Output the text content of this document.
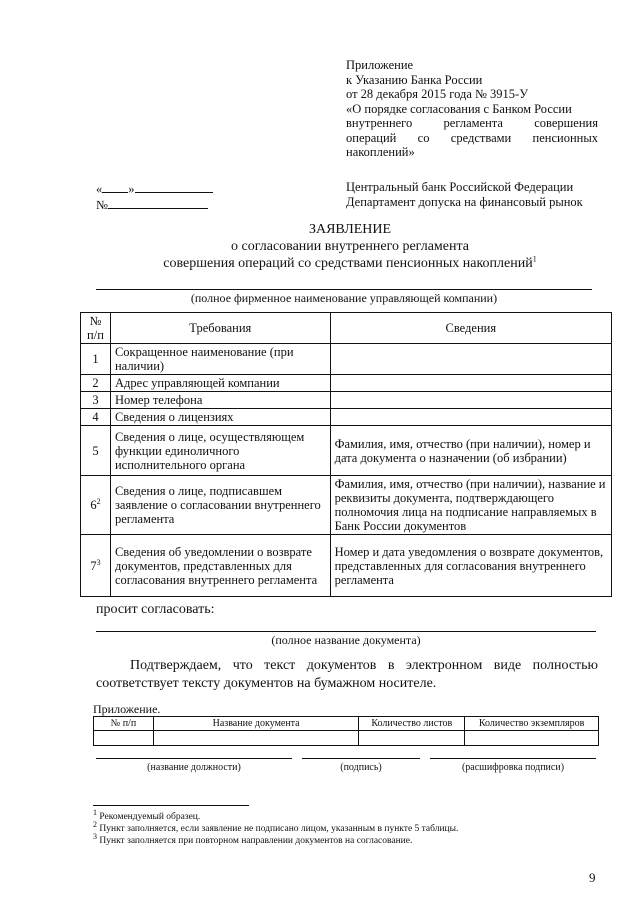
Приложение
к Указанию Банка России
от 28 декабря 2015 года № 3915-У
«О порядке согласования с Банком России
внутреннего регламента совершения
операций со средствами пенсионных
накоплений»
« »
№
Центральный банк Российской Федерации
Департамент допуска на финансовый рынок
ЗАЯВЛЕНИЕ
о согласовании внутреннего регламента
совершения операций со средствами пенсионных накоплений$^1$
(полное фирменное наименование управляющей компании)
№ п/п	Требования	Сведения
1	Сокращенное наименование (при наличии)	
2	Адрес управляющей компании	
3	Номер телефона	
4	Сведения о лицензиях	
5	Сведения о лице, осуществляющем функции единоличного исполнительного органа	Фамилия, имя, отчество (при наличии), номер и дата документа о назначении (об избрании)
$6^2$	Сведения о лице, подписавшем заявление о согласовании внутреннего регламента	Фамилия, имя, отчество (при наличии), название и реквизиты документа, подтверждающего полномочия лица на подписание направляемых в Банк России документов
$7^3$	Сведения об уведомлении о возврате документов, представленных для согласования внутреннего регламента	Номер и дата уведомления о возврате документов, представленных для согласования внутреннего регламента
просит согласовать:
(полное название документа)
Подтверждаем, что текст документов в электронном виде полностью соответствует тексту документов на бумажном носителе.
Приложение.
№ п/п	Название документа	Количество листов	Количество экземпляров

(название должности)	(подпись)	(расшифровка подписи)
$^1$ Рекомендуемый образец.
$^2$ Пункт заполняется, если заявление не подписано лицом, указанным в пункте 5 таблицы.
$^3$ Пункт заполняется при повторном направлении документов на согласование.
9
